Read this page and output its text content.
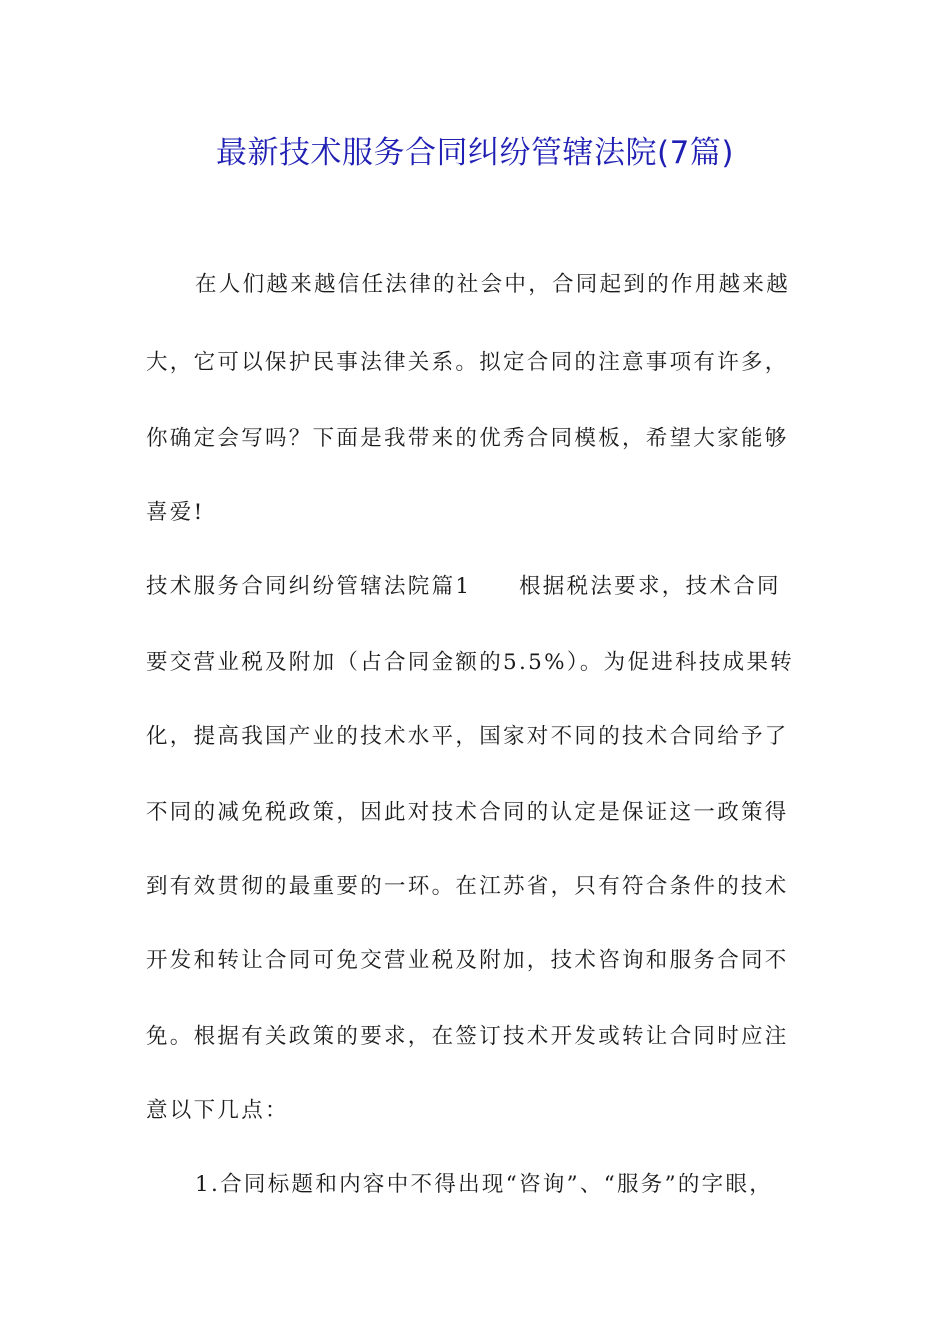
最新技术服务合同纠纷管辖法院(7篇)
在人们越来越信任法律的社会中，合同起到的作用越来越
大，它可以保护民事法律关系。拟定合同的注意事项有许多，
你确定会写吗？下面是我带来的优秀合同模板，希望大家能够
喜爱!
技术服务合同纠纷管辖法院篇1　　根据税法要求，技术合同
要交营业税及附加（占合同金额的5.5%）。为促进科技成果转
化，提高我国产业的技术水平，国家对不同的技术合同给予了
不同的减免税政策，因此对技术合同的认定是保证这一政策得
到有效贯彻的最重要的一环。在江苏省，只有符合条件的技术
开发和转让合同可免交营业税及附加，技术咨询和服务合同不
免。根据有关政策的要求，在签订技术开发或转让合同时应注
意以下几点：
1.合同标题和内容中不得出现“咨询”、“服务”的字眼，
